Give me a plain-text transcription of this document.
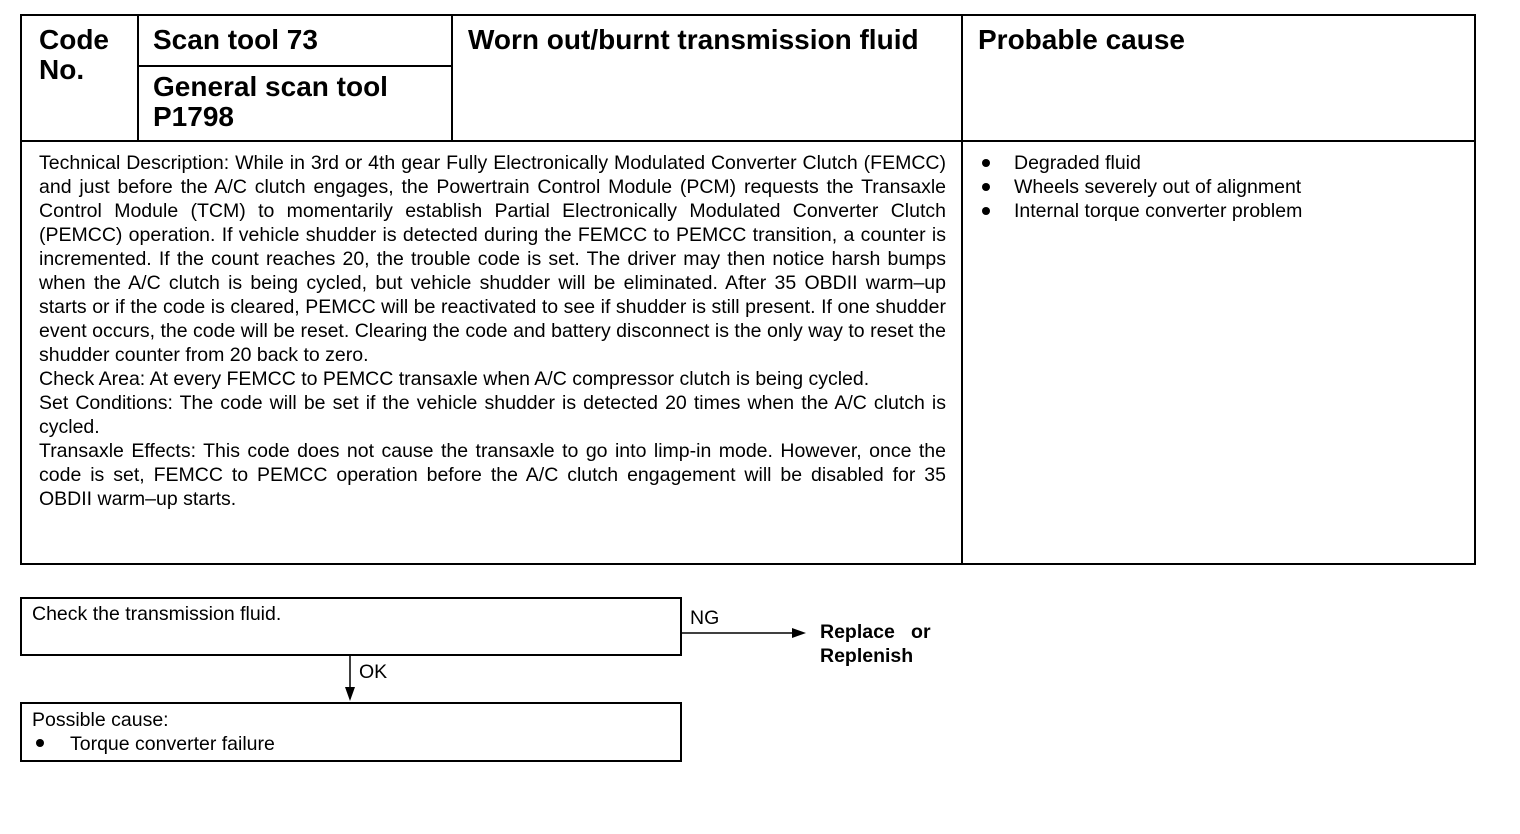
Code No.
Scan tool 73
General scan tool
P1798
Worn out/burnt transmission fluid	Probable cause

Technical Description: While in 3rd or 4th gear Fully Electronically Modulated Converter Clutch (FEMCC) and just before the A/C clutch engages, the Powertrain Control Module (PCM) requests the Transaxle Control Module (TCM) to momentarily establish Partial Electronically Modulated Converter Clutch (PEMCC) operation. If vehicle shudder is detected during the FEMCC to PEMCC transition, a counter is incremented. If the count reaches 20, the trouble code is set. The driver may then notice harsh bumps when the A/C clutch is being cycled, but vehicle shudder will be eliminated. After 35 OBDII warm–up starts or if the code is cleared, PEMCC will be reactivated to see if shudder is still present. If one shudder event occurs, the code will be reset. Clearing the code and battery disconnect is the only way to reset the shudder counter from 20 back to zero.

Check Area: At every FEMCC to PEMCC transaxle when A/C compressor clutch is being cycled.

Set Conditions: The code will be set if the vehicle shudder is detected 20 times when the A/C clutch is cycled.

Transaxle Effects: This code does not cause the transaxle to go into limp-in mode. However, once the code is set, FEMCC to PEMCC operation before the A/C clutch engagement will be disabled for 35 OBDII warm–up starts.

Degraded fluid
Wheels severely out of alignment
Internal torque converter problem
Check the transmission fluid.	NG
Replace   or
Replenish
OK
Possible cause:
Torque converter failure
